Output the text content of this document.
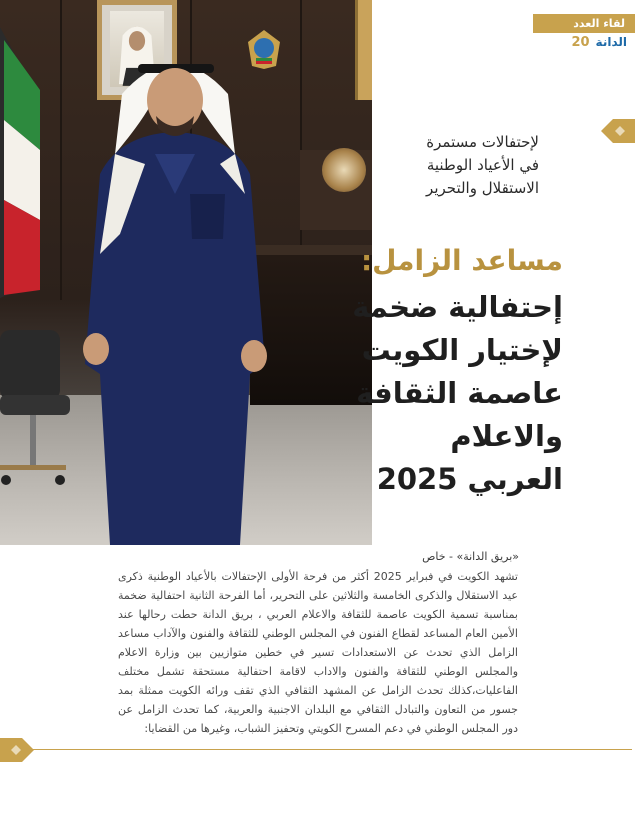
لقاء العدد
الدانة
20
لإحتفالات مستمرة
في الأعياد الوطنية
الاستقلال والتحرير
مساعد الزامل:
إحتفالية ضخمة
لإختيار الكويت
عاصمة الثقافة
والاعلام
العربي 2025
«بريق الدانة» - خاص
تشهد الكويت في فبراير 2025 أكثر من فرحة الأولى الإحتفالات بالأعياد الوطنية ذكرى عيد الاستقلال والذكرى الخامسة والثلاثين على التحرير، أما الفرحة الثانية احتفالية ضخمة بمناسبة تسمية الكويت عاصمة للثقافة والاعلام العربي ، بريق الدانة حطت رحالها عند الأمين العام المساعد لقطاع الفنون في المجلس الوطني للثقافة والفنون والآداب مساعد الزامل الذي تحدث عن الاستعدادات تسير في خطين متوازيين بين وزارة الاعلام والمجلس الوطني للثقافة والفنون والاداب لاقامة احتفالية مستحقة تشمل مختلف الفاعليات،كذلك تحدث الزامل عن المشهد الثقافي الذي تقف ورائه الكويت ممثلة بمد جسور من التعاون والتبادل الثقافي مع البلدان الاجنبية والعربية، كما تحدث الزامل عن دور المجلس الوطني في دعم المسرح الكويتي وتحفيز الشباب، وغيرها من القضايا:
